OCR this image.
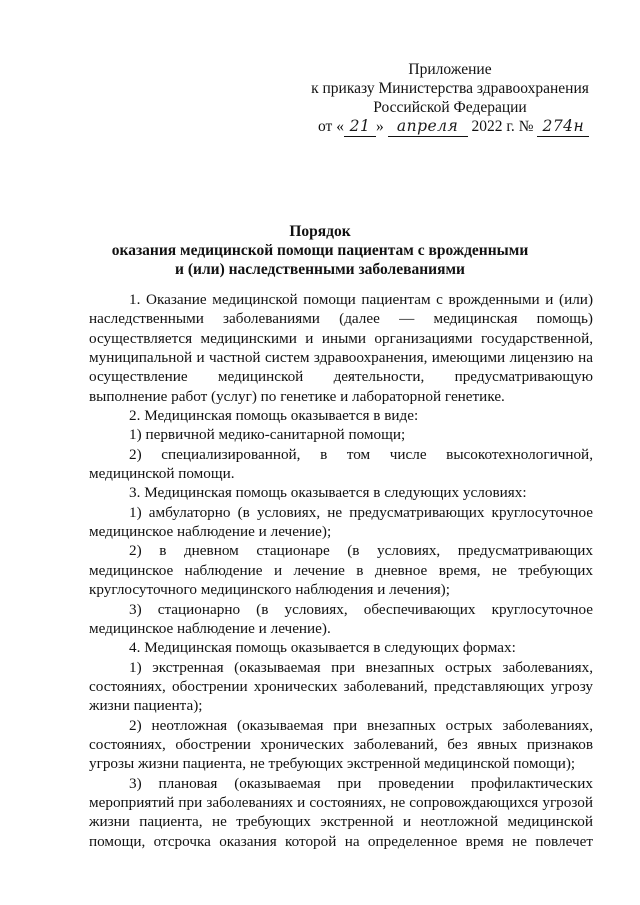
Приложение
к приказу Министерства здравоохранения
Российской Федерации
от « 21 » апреля 2022 г. № 274н
Порядок
оказания медицинской помощи пациентам с врожденными
и (или) наследственными заболеваниями

1. Оказание медицинской помощи пациентам с врожденными и (или) наследственными заболеваниями (далее — медицинская помощь) осуществляется медицинскими и иными организациями государственной, муниципальной и частной систем здравоохранения, имеющими лицензию на осуществление медицинской деятельности, предусматривающую выполнение работ (услуг) по генетике и лабораторной генетике.

2. Медицинская помощь оказывается в виде:

1) первичной медико-санитарной помощи;

2) специализированной, в том числе высокотехнологичной, медицинской помощи.

3. Медицинская помощь оказывается в следующих условиях:

1) амбулаторно (в условиях, не предусматривающих круглосуточное медицинское наблюдение и лечение);

2) в дневном стационаре (в условиях, предусматривающих медицинское наблюдение и лечение в дневное время, не требующих круглосуточного медицинского наблюдения и лечения);

3) стационарно (в условиях, обеспечивающих круглосуточное медицинское наблюдение и лечение).

4. Медицинская помощь оказывается в следующих формах:

1) экстренная (оказываемая при внезапных острых заболеваниях, состояниях, обострении хронических заболеваний, представляющих угрозу жизни пациента);

2) неотложная (оказываемая при внезапных острых заболеваниях, состояниях, обострении хронических заболеваний, без явных признаков угрозы жизни пациента, не требующих экстренной медицинской помощи);

3) плановая (оказываемая при проведении профилактических мероприятий при заболеваниях и состояниях, не сопровождающихся угрозой жизни пациента, не требующих экстренной и неотложной медицинской помощи, отсрочка оказания которой на определенное время не повлечет
